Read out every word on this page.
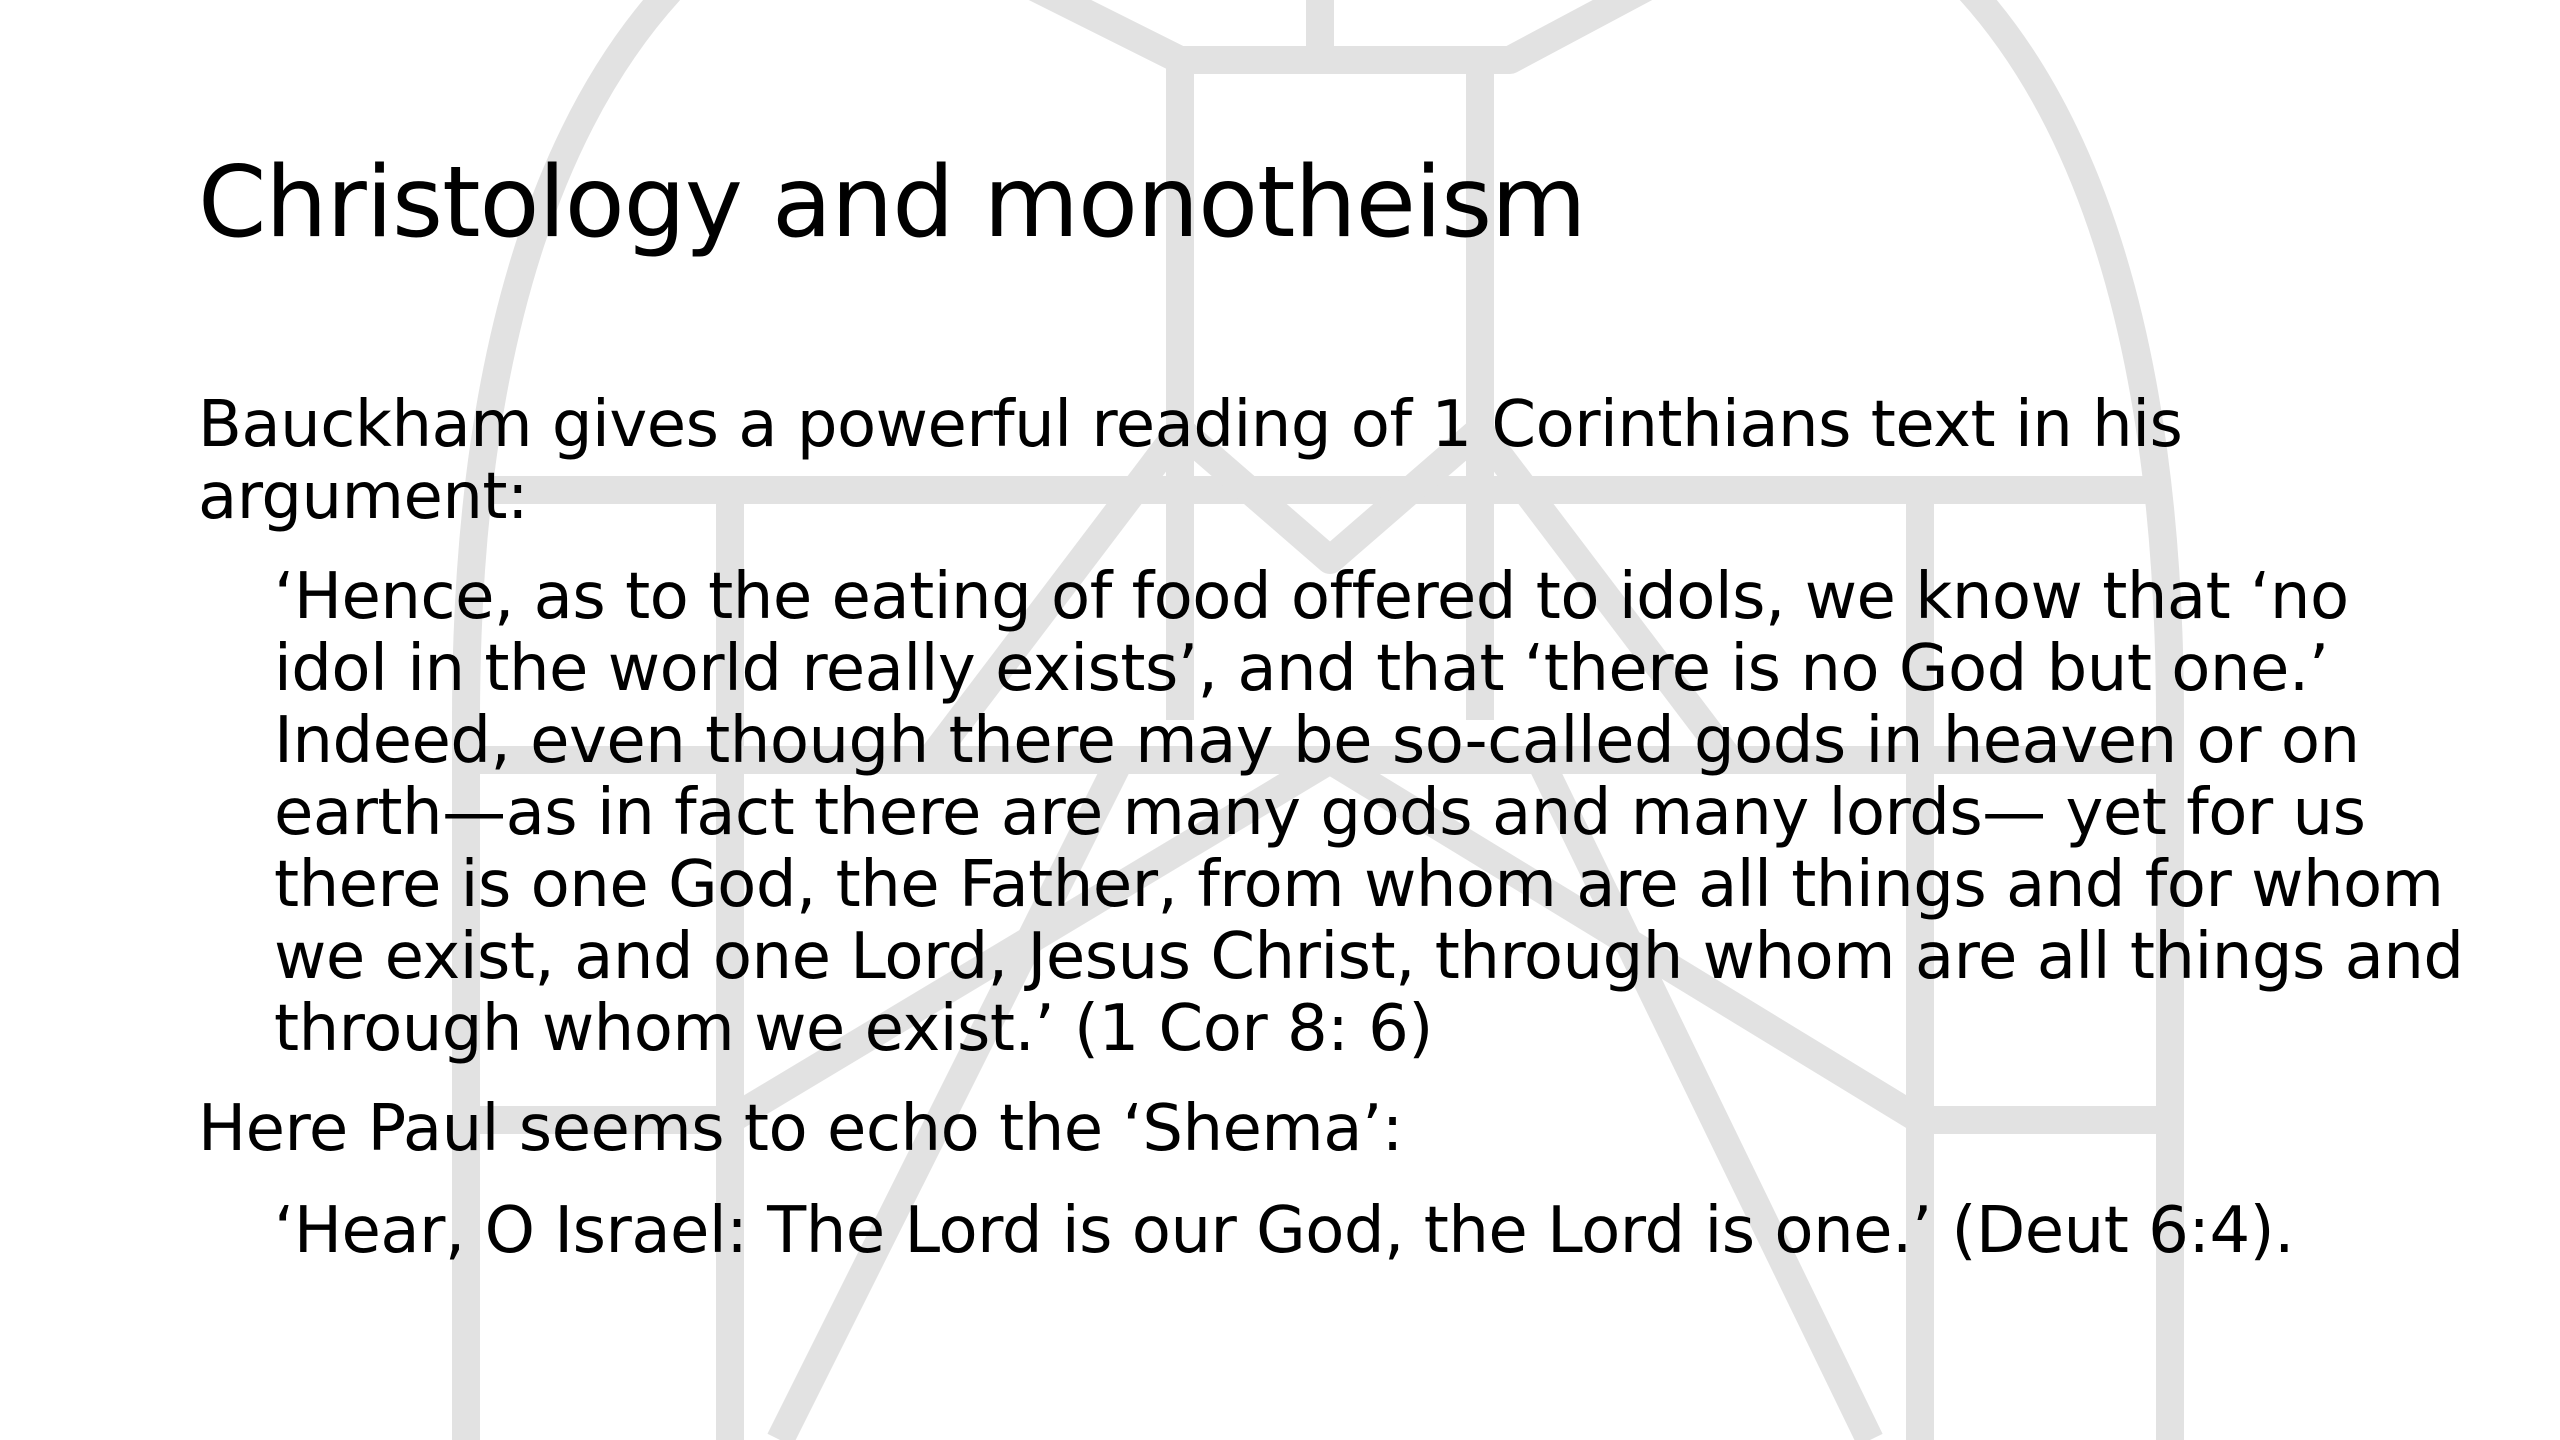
Christology and monotheism

Bauckham gives a powerful reading of 1 Corinthians text in his argument:

‘Hence, as to the eating of food offered to idols, we know that ‘no
idol in the world really exists’, and that ‘there is no God but one.’
Indeed, even though there may be so-called gods in heaven or on
earth—as in fact there are many gods and many lords— yet for us
there is one God, the Father, from whom are all things and for whom
we exist, and one Lord, Jesus Christ, through whom are all things and
through whom we exist.’ (1 Cor 8: 6)

Here Paul seems to echo the ‘Shema’:

‘Hear, O Israel: The Lord is our God, the Lord is one.’ (Deut 6:4).
